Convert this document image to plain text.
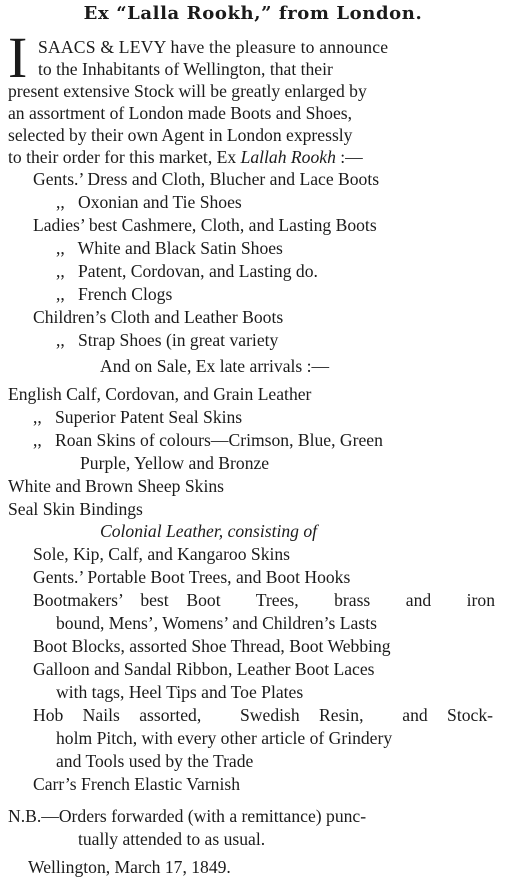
Ex “Lalla Rookh,” from London.
I SAACS & LEVY have the pleasure to announce
to the Inhabitants of Wellington, that their
present extensive Stock will be greatly enlarged by
an assortment of London made Boots and Shoes,
selected by their own Agent in London expressly
to their order for this market, Ex Lallah Rookh :—
Gents.’ Dress and Cloth, Blucher and Lace Boots
,,   Oxonian and Tie Shoes
Ladies’ best Cashmere, Cloth, and Lasting Boots
,,   White and Black Satin Shoes
,,   Patent, Cordovan, and Lasting do.
,,   French Clogs
Children’s Cloth and Leather Boots
,,   Strap Shoes (in great variety
And on Sale, Ex late arrivals :—
English Calf, Cordovan, and Grain Leather
,,   Superior Patent Seal Skins
,,   Roan Skins of colours—Crimson, Blue, Green
Purple, Yellow and Bronze
White and Brown Sheep Skins
Seal Skin Bindings
Colonial Leather, consisting of
Sole, Kip, Calf, and Kangaroo Skins
Gents.’ Portable Boot Trees, and Boot Hooks
Bootmakers’ best Boot  Trees,  brass  and  iron
bound, Mens’, Womens’ and Children’s Lasts
Boot Blocks, assorted Shoe Thread, Boot Webbing
Galloon and Sandal Ribbon, Leather Boot Laces
with tags, Heel Tips and Toe Plates
Hob Nails assorted,  Swedish Resin,  and Stock-
holm Pitch, with every other article of Grindery
and Tools used by the Trade
Carr’s French Elastic Varnish
N.B.—Orders forwarded (with a remittance) punc-
tually attended to as usual.
Wellington, March 17, 1849.
